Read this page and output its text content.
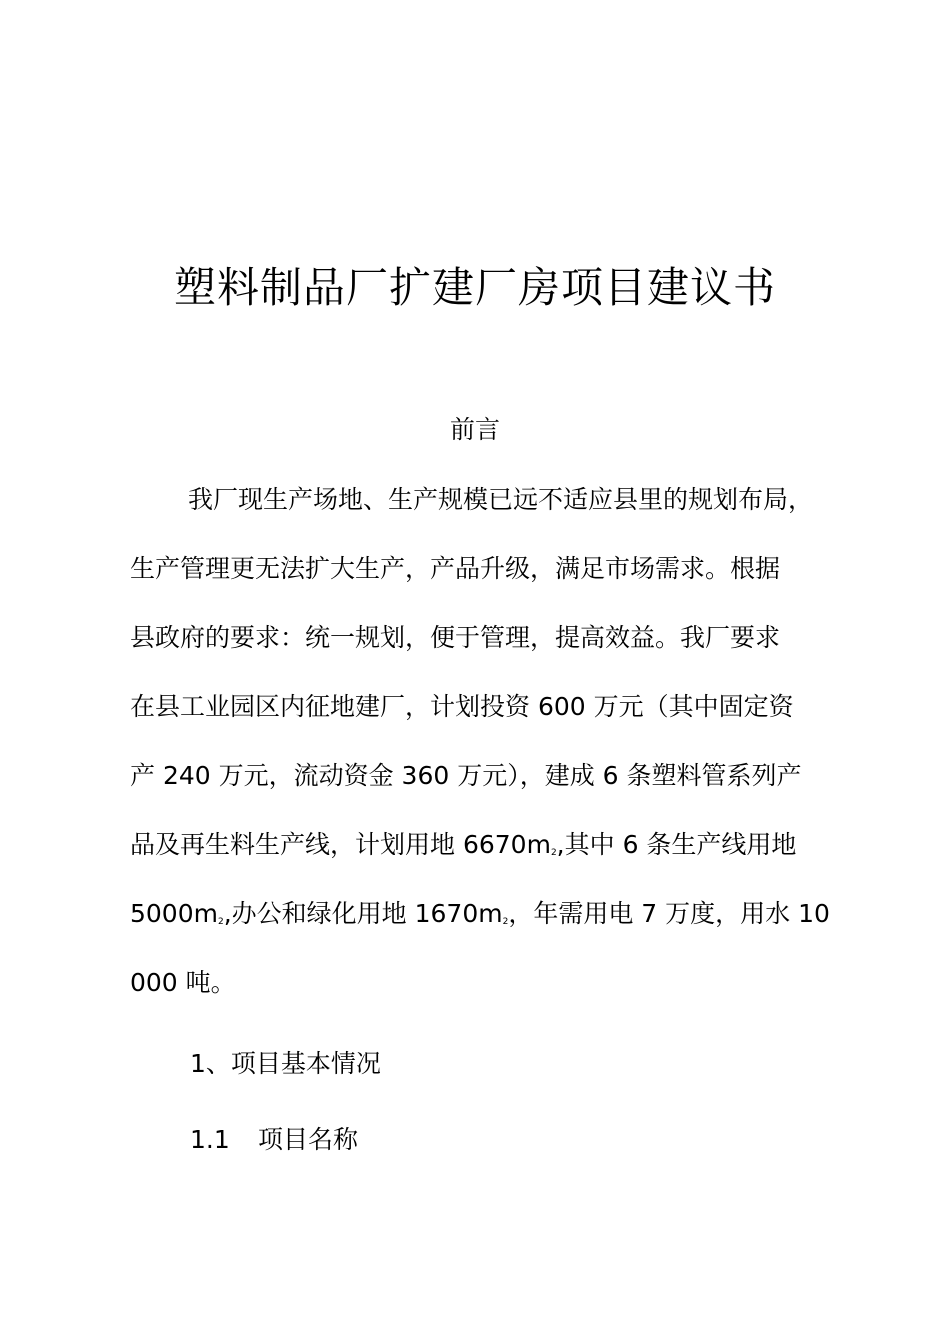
塑料制品厂扩建厂房项目建议书
前言

我厂现生产场地、生产规模已远不适应县里的规划布局，

生产管理更无法扩大生产，产品升级，满足市场需求。根据

县政府的要求：统一规划，便于管理，提高效益。我厂要求

在县工业园区内征地建厂，计划投资 600 万元（其中固定资

产 240 万元，流动资金 360 万元），建成 6 条塑料管系列产

品及再生料生产线，计划用地 $6670m_2$,其中 6 条生产线用地

$5000m_2$,办公和绿化用地 $1670m_2$，年需用电 7 万度，用水 10

000 吨。

1、项目基本情况

1.1 项目名称
